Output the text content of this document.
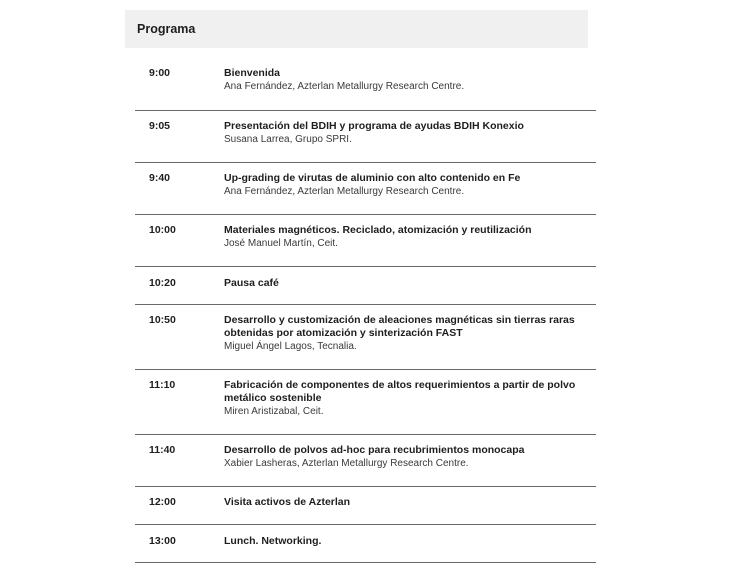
Programa
9:00	Bienvenida
Ana Fernández, Azterlan Metallurgy Research Centre.
9:05	Presentación del BDIH y programa de ayudas BDIH Konexio
Susana Larrea, Grupo SPRI.
9:40	Up-grading de virutas de aluminio con alto contenido en Fe
Ana Fernández, Azterlan Metallurgy Research Centre.
10:00	Materiales magnéticos. Reciclado, atomización y reutilización
José Manuel Martín, Ceit.
10:20	Pausa café
10:50	Desarrollo y customización de aleaciones magnéticas sin tierras raras obtenidas por atomización y sinterización FAST
Miguel Ángel Lagos, Tecnalia.
11:10	Fabricación de componentes de altos requerimientos a partir de polvo metálico sostenible
Miren Aristizabal, Ceit.
11:40	Desarrollo de polvos ad-hoc para recubrimientos monocapa
Xabier Lasheras, Azterlan Metallurgy Research Centre.
12:00	Visita activos de Azterlan
13:00	Lunch. Networking.
